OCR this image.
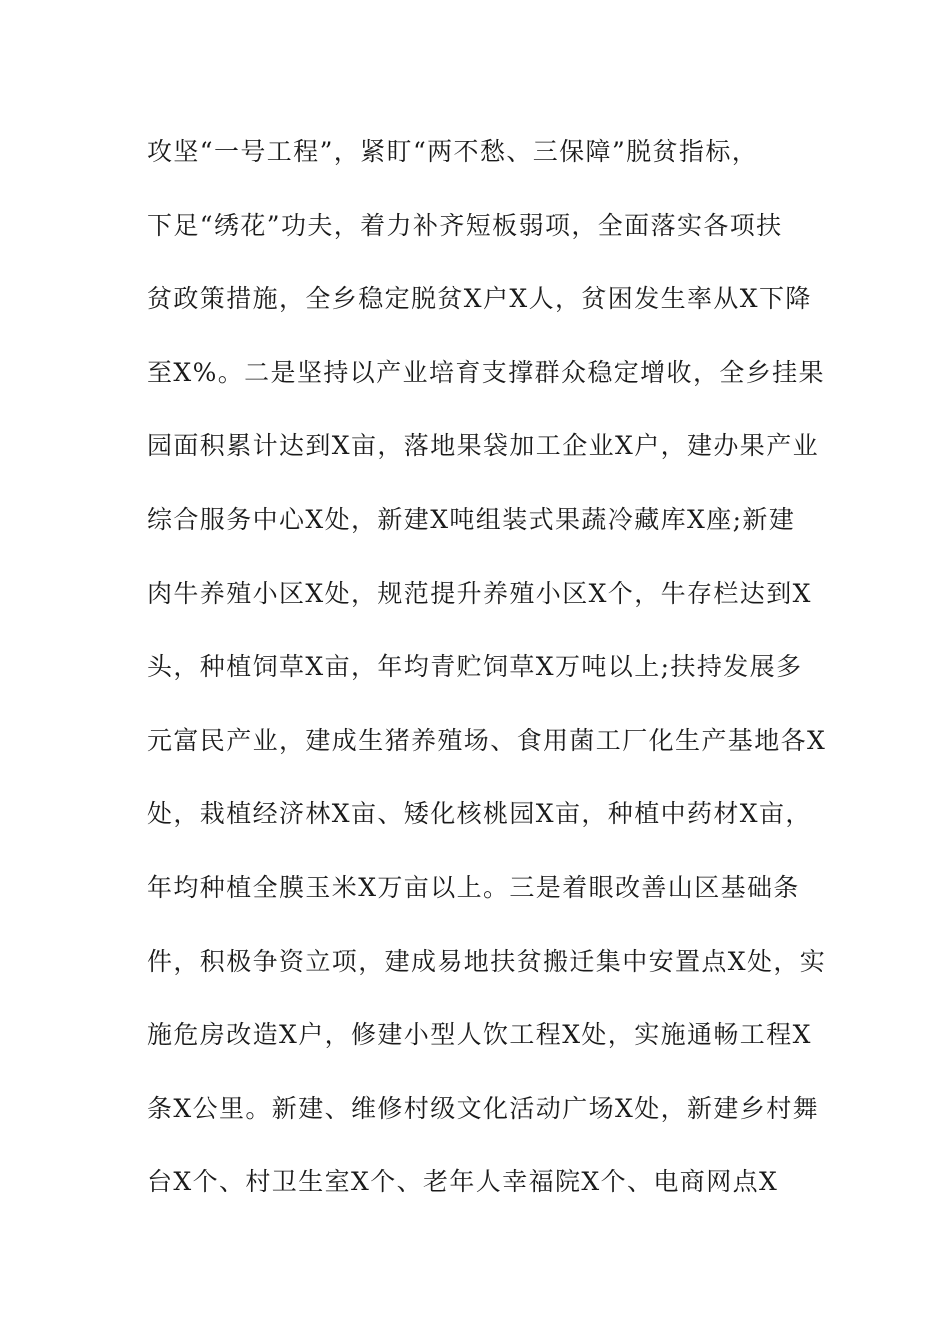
攻坚“一号工程”，紧盯“两不愁、三保障”脱贫指标，
下足“绣花”功夫，着力补齐短板弱项，全面落实各项扶
贫政策措施，全乡稳定脱贫X户X人，贫困发生率从X下降
至X%。二是坚持以产业培育支撑群众稳定增收，全乡挂果
园面积累计达到X亩，落地果袋加工企业X户，建办果产业
综合服务中心X处，新建X吨组装式果蔬冷藏库X座;新建
肉牛养殖小区X处，规范提升养殖小区X个，牛存栏达到X
头，种植饲草X亩，年均青贮饲草X万吨以上;扶持发展多
元富民产业，建成生猪养殖场、食用菌工厂化生产基地各X
处，栽植经济林X亩、矮化核桃园X亩，种植中药材X亩，
年均种植全膜玉米X万亩以上。三是着眼改善山区基础条
件，积极争资立项，建成易地扶贫搬迁集中安置点X处，实
施危房改造X户，修建小型人饮工程X处，实施通畅工程X
条X公里。新建、维修村级文化活动广场X处，新建乡村舞
台X个、村卫生室X个、老年人幸福院X个、电商网点X
